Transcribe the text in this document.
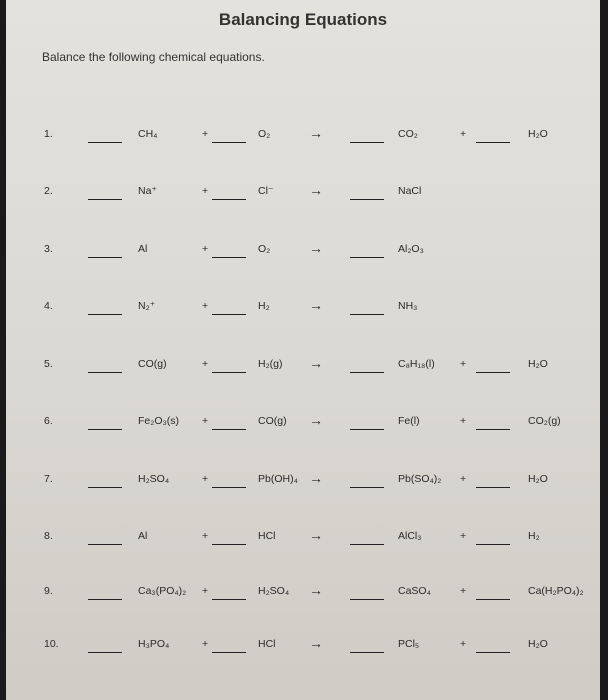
Balancing Equations
Balance the following chemical equations.
1.	CH₄	+	O₂	→	CO₂	+	H₂O
2.	Na⁺	+	Cl⁻	→	NaCl
3.	Al	+	O₂	→	Al₂O₃
4.	N₂⁺	+	H₂	→	NH₃
5.	CO(g)	+	H₂(g) →	C₈H₁₈(l) +	H₂O
6.	Fe₂O₃(s) +	CO(g) →	Fe(l)	+	CO₂(g)
7.	H₂SO₄	+	Pb(OH)₄ →	Pb(SO₄)₂ +	H₂O
8.	Al	+	HCl →	AlCl₃	+	H₂
9.	Ca₃(PO₄)₂ +	H₂SO₄ →	CaSO₄	+	Ca(H₂PO₄)₂
10.	H₃PO₄	+	HCl →	PCl₅	+	H₂O
